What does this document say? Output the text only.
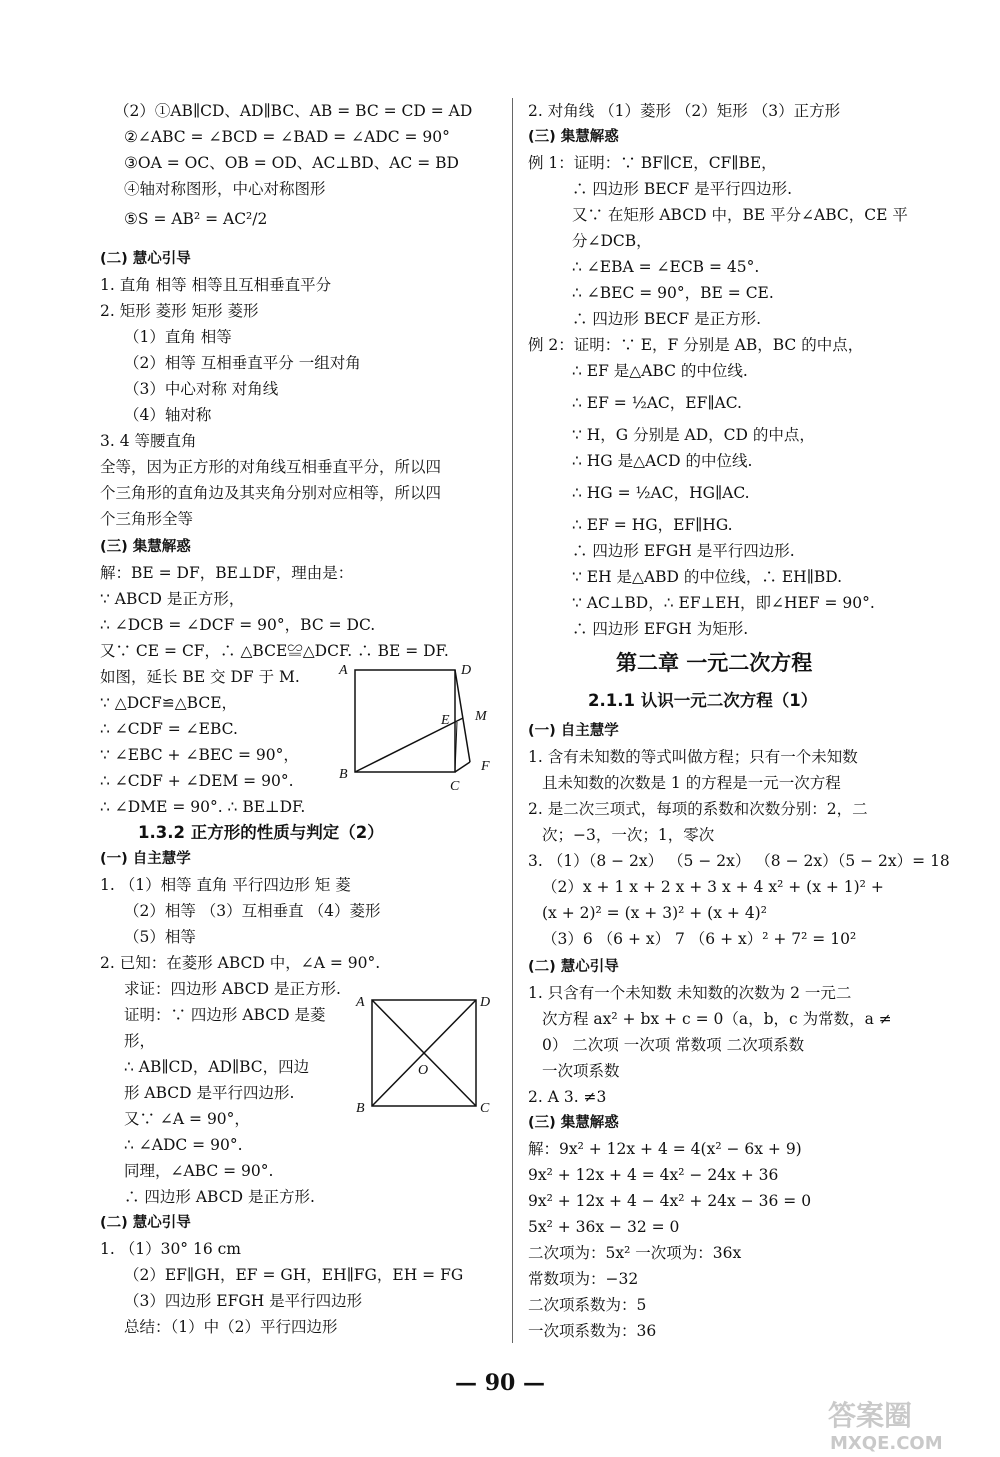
（2）①AB∥CD、AD∥BC、AB = BC = CD = AD
②∠ABC = ∠BCD = ∠BAD = ∠ADC = 90°
③OA = OC、OB = OD、AC⊥BD、AC = BD
④轴对称图形，中心对称图形
⑤S = AB² = AC²/2
(二) 慧心引导
1. 直角 相等 相等且互相垂直平分
2. 矩形 菱形 矩形 菱形
（1）直角 相等
（2）相等 互相垂直平分 一组对角
（3）中心对称 对角线
（4）轴对称
3. 4 等腰直角
全等，因为正方形的对角线互相垂直平分，所以四
个三角形的直角边及其夹角分别对应相等，所以四
个三角形全等
(三) 集慧解惑
解：BE = DF，BE⊥DF，理由是：
∵ ABCD 是正方形，
∴ ∠DCB = ∠DCF = 90°，BC = DC.
又∵ CE = CF，∴ △BCE≌△DCF. ∴ BE = DF.
如图，延长 BE 交 DF 于 M.
∵ △DCF≌△BCE，
∴ ∠CDF = ∠EBC.
∵ ∠EBC + ∠BEC = 90°，
∴ ∠CDF + ∠DEM = 90°.
∴ ∠DME = 90°. ∴ BE⊥DF.
1.3.2 正方形的性质与判定（2）
(一) 自主慧学
1. （1）相等 直角 平行四边形 矩 菱
（2）相等 （3）互相垂直 （4）菱形
（5）相等
2. 已知：在菱形 ABCD 中，∠A = 90°.
求证：四边形 ABCD 是正方形.
证明：∵ 四边形 ABCD 是菱
形，
∴ AB∥CD，AD∥BC，四边
形 ABCD 是平行四边形.
又∵ ∠A = 90°，
∴ ∠ADC = 90°.
同理，∠ABC = 90°.
∴ 四边形 ABCD 是正方形.
(二) 慧心引导
1. （1）30° 16 cm
（2）EF∥GH，EF = GH，EH∥FG，EH = FG
（3）四边形 EFGH 是平行四边形
总结：（1）中（2）平行四边形
2. 对角线 （1）菱形 （2）矩形 （3）正方形
(三) 集慧解惑
例 1：证明：∵ BF∥CE，CF∥BE，
∴ 四边形 BECF 是平行四边形.
又∵ 在矩形 ABCD 中，BE 平分∠ABC，CE 平
分∠DCB，
∴ ∠EBA = ∠ECB = 45°.
∴ ∠BEC = 90°，BE = CE.
∴ 四边形 BECF 是正方形.
例 2：证明：∵ E，F 分别是 AB，BC 的中点，
∴ EF 是△ABC 的中位线.
∴ EF = ½AC，EF∥AC.
∵ H，G 分别是 AD，CD 的中点，
∴ HG 是△ACD 的中位线.
∴ HG = ½AC，HG∥AC.
∴ EF = HG，EF∥HG.
∴ 四边形 EFGH 是平行四边形.
∵ EH 是△ABD 的中位线，∴ EH∥BD.
∵ AC⊥BD，∴ EF⊥EH，即∠HEF = 90°.
∴ 四边形 EFGH 为矩形.
第二章 一元二次方程
2.1.1 认识一元二次方程（1）
(一) 自主慧学
1. 含有未知数的等式叫做方程；只有一个未知数
且未知数的次数是 1 的方程是一元一次方程
2. 是二次三项式，每项的系数和次数分别：2，二
次；−3，一次；1，零次
3. （1）（8 − 2x） （5 − 2x） （8 − 2x）（5 − 2x）= 18
（2）x + 1 x + 2 x + 3 x + 4 x² + (x + 1)² +
(x + 2)² = (x + 3)² + (x + 4)²
（3）6 （6 + x） 7 （6 + x）² + 7² = 10²
(二) 慧心引导
1. 只含有一个未知数 未知数的次数为 2 一元二
次方程 ax² + bx + c = 0（a，b，c 为常数，a ≠
0） 二次项 一次项 常数项 二次项系数
一次项系数
2. A 3. ≠3
(三) 集慧解惑
解：9x² + 12x + 4 = 4(x² − 6x + 9)
9x² + 12x + 4 = 4x² − 24x + 36
9x² + 12x + 4 − 4x² + 24x − 36 = 0
5x² + 36x − 32 = 0
二次项为：5x² 一次项为：36x
常数项为：−32
二次项系数为：5
一次项系数为：36
A	D
E M
B
C
F
A	D
O
B	C
— 90 —
答案圈
MXQE.COM
